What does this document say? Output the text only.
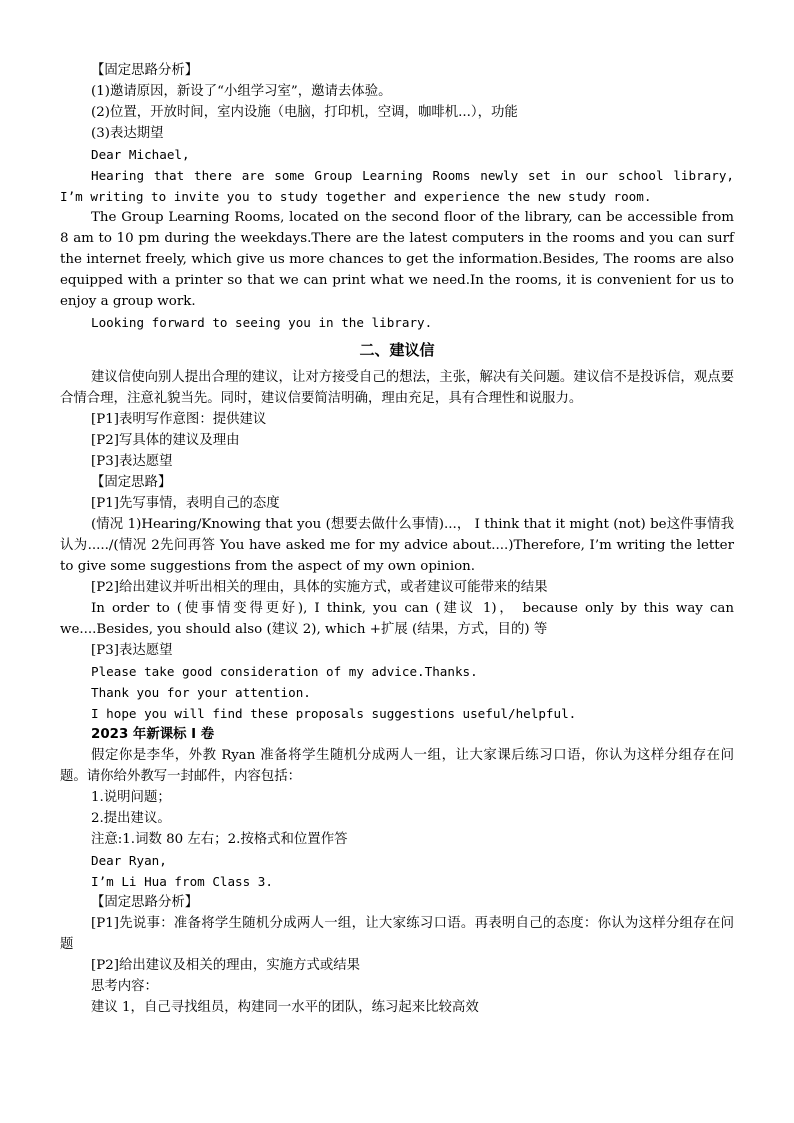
【固定思路分析】
(1)邀请原因，新设了“小组学习室”，邀请去体验。
(2)位置，开放时间，室内设施（电脑，打印机，空调，咖啡机...），功能
(3)表达期望
Dear Michael,
Hearing that there are some Group Learning Rooms newly set in our school library, I’m writing to invite you to study together and experience the new study room.
The Group Learning Rooms, located on the second floor of the library, can be accessible from 8 am to 10 pm during the weekdays.There are the latest computers in the rooms and you can surf the internet freely, which give us more chances to get the information.Besides, The rooms are also equipped with a printer so that we can print what we need.In the rooms, it is convenient for us to enjoy a group work.
Looking forward to seeing you in the library.
二、建议信
建议信使向别人提出合理的建议，让对方接受自己的想法，主张，解决有关问题。建议信不是投诉信，观点要合情合理，注意礼貌当先。同时，建议信要简洁明确，理由充足，具有合理性和说服力。
[P1]表明写作意图：提供建议
[P2]写具体的建议及理由
[P3]表达愿望
【固定思路】
[P1]先写事情，表明自己的态度
(情况 1)Hearing/Knowing that you (想要去做什么事情)...， I think that it might (not) be这件事情我认为...../(情况 2先问再答 You have asked me for my advice about....)Therefore, I’m writing the letter to give some suggestions from the aspect of my own opinion.
[P2]给出建议并听出相关的理由，具体的实施方式，或者建议可能带来的结果
In order to (使事情变得更好), I think, you can (建议 1)， because only by this way can we....Besides, you should also (建议 2), which +扩展 (结果，方式，目的) 等
[P3]表达愿望
Please take good consideration of my advice.Thanks.
Thank you for your attention.
I hope you will find these proposals suggestions useful/helpful.
2023 年新课标 I 卷
假定你是李华，外教 Ryan 准备将学生随机分成两人一组，让大家课后练习口语，你认为这样分组存在问题。请你给外教写一封邮件，内容包括：
1.说明问题；
2.提出建议。
注意:1.词数 80 左右；2.按格式和位置作答
Dear Ryan,
I’m Li Hua from Class 3.
【固定思路分析】
[P1]先说事：准备将学生随机分成两人一组，让大家练习口语。再表明自己的态度：你认为这样分组存在问题
[P2]给出建议及相关的理由，实施方式或结果
思考内容：
建议 1，自己寻找组员，构建同一水平的团队，练习起来比较高效
